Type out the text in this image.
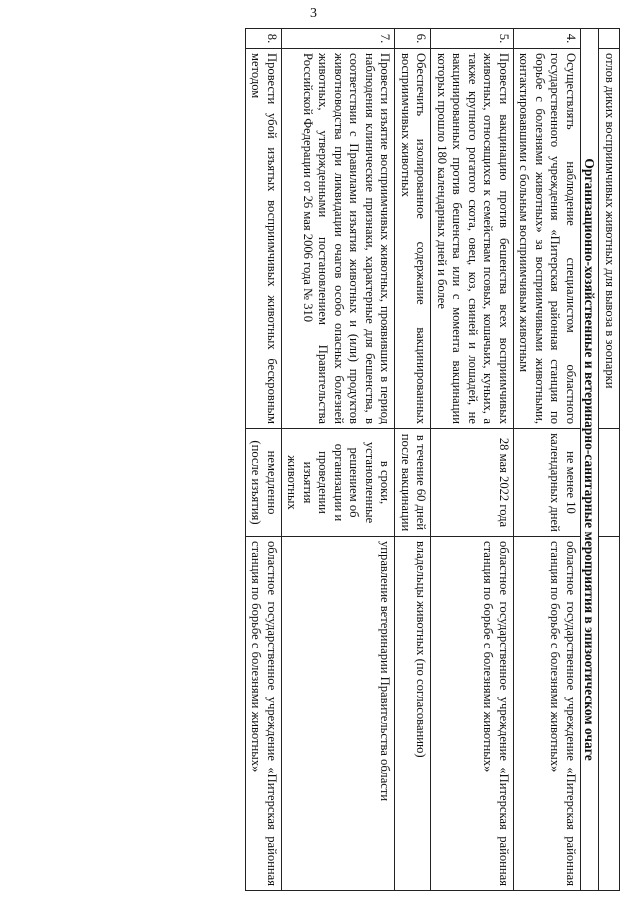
3
	отлов диких восприимчивых животных для вывоза в зоопарки		
Организационно-хозяйственные и ветеринарно-санитарные мероприятия в эпизоотическом очаге			
4.	Осуществлять наблюдение специалистом областного государственного учреждения «Питерская районная станция по борьбе с болезнями животных» за восприимчивыми животными, контактировавшими с больным восприимчивым животным	не менее 10 календарных дней	областное государственное учреждение «Питерская районная станция по борьбе с болезнями животных»
5.	Провести вакцинацию против бешенства всех восприимчивых животных, относящихся к семействам псовых, кошачьих, куньих, а также крупного рогатого скота, овец, коз, свиней и лошадей, не вакцинированных против бешенства или с момента вакцинации которых прошло 180 календарных дней и более	28 мая 2022 года	областное государственное учреждение «Питерская районная станция по борьбе с болезнями животных»
6.	Обеспечить изолированное содержание вакцинированных восприимчивых животных	в течение 60 дней после вакцинации	владельцы животных (по согласованию)
7.	Провести изъятие восприимчивых животных, проявивших в период наблюдения клинические признаки, характерные для бешенства, в соответствии с Правилами изъятия животных и (или) продуктов животноводства при ликвидации очагов особо опасных болезней животных, утвержденными постановлением Правительства Российской Федерации от 26 мая 2006 года № 310	в сроки, установленные решением об организации и проведении изъятия животных	управление ветеринарии Правительства области
8.	Провести убой изъятых восприимчивых животных бескровным методом	немедленно (после изъятия)	областное государственное учреждение «Питерская районная станция по борьбе с болезнями животных»
